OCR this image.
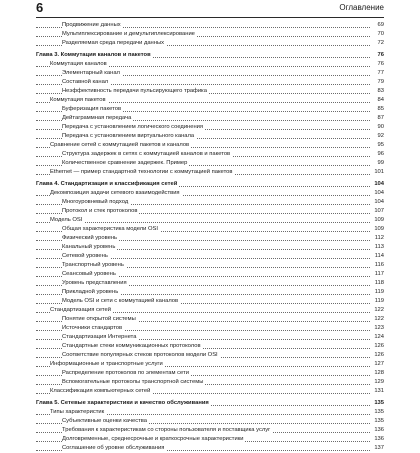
6	Оглавление
Продвижение данных	69
Мультиплексирование и демультиплексирование	70
Разделяемая среда передачи данных	72
Глава 3. Коммутация каналов и пакетов	76
Коммутация каналов	76
Элементарный канал	77
Составной канал	79
Неэффективность передачи пульсирующего трафика	83
Коммутация пакетов	84
Буферизация пакетов	85
Дейтаграммная передача	87
Передача с установлением логического соединения	90
Передача с установлением виртуального канала	92
Сравнение сетей с коммутацией пакетов и каналов	95
Структура задержек в сетях с коммутацией каналов и пакетов	96
Количественное сравнение задержек. Пример	99
Ethernet — пример стандартной технологии с коммутацией пакетов	101
Глава 4. Стандартизация и классификация сетей	104
Декомпозиция задачи сетевого взаимодействия	104
Многоуровневый подход	104
Протокол и стек протоколов	107
Модель OSI	109
Общая характеристика модели OSI	109
Физический уровень	112
Канальный уровень	113
Сетевой уровень	114
Транспортный уровень	116
Сеансовый уровень	117
Уровень представления	118
Прикладной уровень	119
Модель OSI и сети с коммутацией каналов	119
Стандартизация сетей	122
Понятие открытой системы	122
Источники стандартов	123
Стандартизация Интернета	124
Стандартные стеки коммуникационных протоколов	126
Соответствие популярных стеков протоколов модели OSI	126
Информационные и транспортные услуги	127
Распределение протоколов по элементам сети	128
Вспомогательные протоколы транспортной системы	129
Классификация компьютерных сетей	131
Глава 5. Сетевые характеристики и качество обслуживания	135
Типы характеристик	135
Субъективные оценки качества	135
Требования к характеристикам со стороны пользователя и поставщика услуг	136
Долговременные, среднесрочные и краткосрочные характеристики	136
Соглашение об уровне обслуживания	137
